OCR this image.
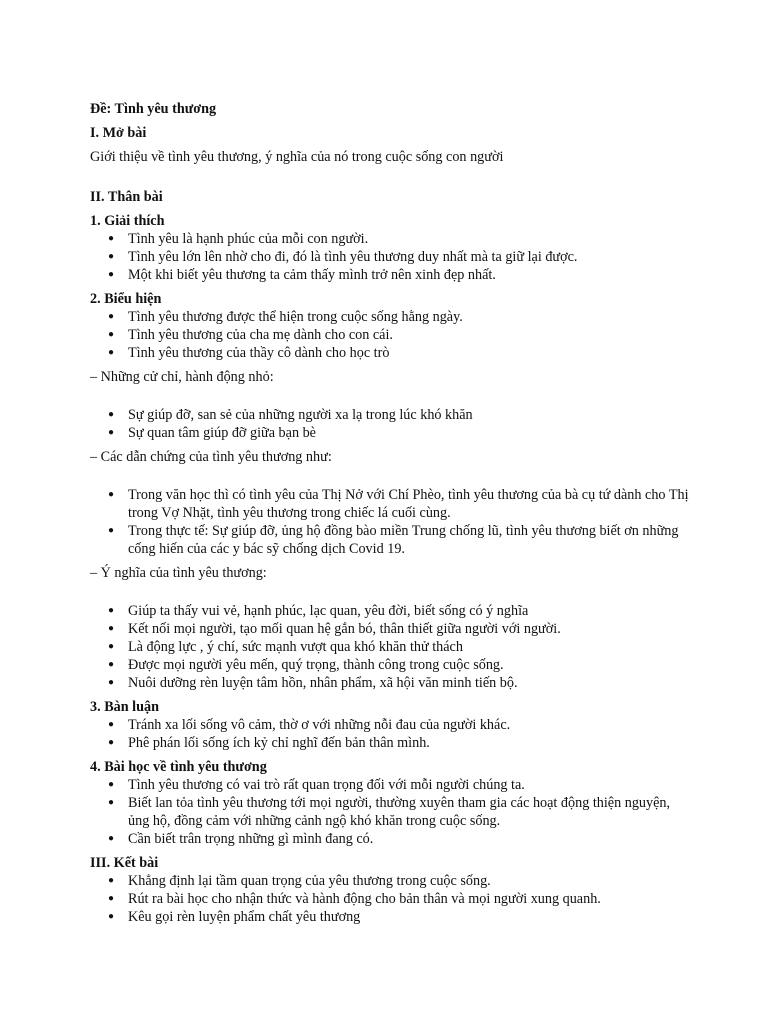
Đề: Tình yêu thương
I. Mở bài
Giới thiệu về tình yêu thương, ý nghĩa của nó trong cuộc sống con người
II. Thân bài
1. Giải thích
● Tình yêu là hạnh phúc của mỗi con người.
● Tình yêu lớn lên nhờ cho đi, đó là tình yêu thương duy nhất mà ta giữ lại được.
● Một khi biết yêu thương ta cảm thấy mình trở nên xinh đẹp nhất.
2. Biểu hiện
● Tình yêu thương được thể hiện trong cuộc sống hằng ngày.
● Tình yêu thương của cha mẹ dành cho con cái.
● Tình yêu thương của thầy cô dành cho học trò
– Những cử chỉ, hành động nhỏ:
● Sự giúp đỡ, san sẻ của những người xa lạ trong lúc khó khăn
● Sự quan tâm giúp đỡ giữa bạn bè
– Các dẫn chứng của tình yêu thương như:
● Trong văn học thì có tình yêu của Thị Nở với Chí Phèo, tình yêu thương của bà cụ tứ dành cho Thị trong Vợ Nhặt, tình yêu thương trong chiếc lá cuối cùng.
● Trong thực tế: Sự giúp đỡ, ủng hộ đồng bào miền Trung chống lũ, tình yêu thương biết ơn những cống hiến của các y bác sỹ chống dịch Covid 19.
– Ý nghĩa của tình yêu thương:
● Giúp ta thấy vui vẻ, hạnh phúc, lạc quan, yêu đời, biết sống có ý nghĩa
● Kết nối mọi người, tạo mối quan hệ gắn bó, thân thiết giữa người với người.
● Là động lực , ý chí, sức mạnh vượt qua khó khăn thử thách
● Được mọi người yêu mến, quý trọng, thành công trong cuộc sống.
● Nuôi dưỡng rèn luyện tâm hồn, nhân phẩm, xã hội văn minh tiến bộ.
3. Bàn luận
● Tránh xa lối sống vô cảm, thờ ơ với những nỗi đau của người khác.
● Phê phán lối sống ích kỷ chỉ nghĩ đến bản thân mình.
4. Bài học về tình yêu thương
● Tình yêu thương có vai trò rất quan trọng đối với mỗi người chúng ta.
● Biết lan tỏa tình yêu thương tới mọi người, thường xuyên tham gia các hoạt động thiện nguyện, ủng hộ, đồng cảm với những cảnh ngộ khó khăn trong cuộc sống.
● Cần biết trân trọng những gì mình đang có.
III. Kết bài
● Khẳng định lại tầm quan trọng của yêu thương trong cuộc sống.
● Rút ra bài học cho nhận thức và hành động cho bản thân và mọi người xung quanh.
● Kêu gọi rèn luyện phẩm chất yêu thương
